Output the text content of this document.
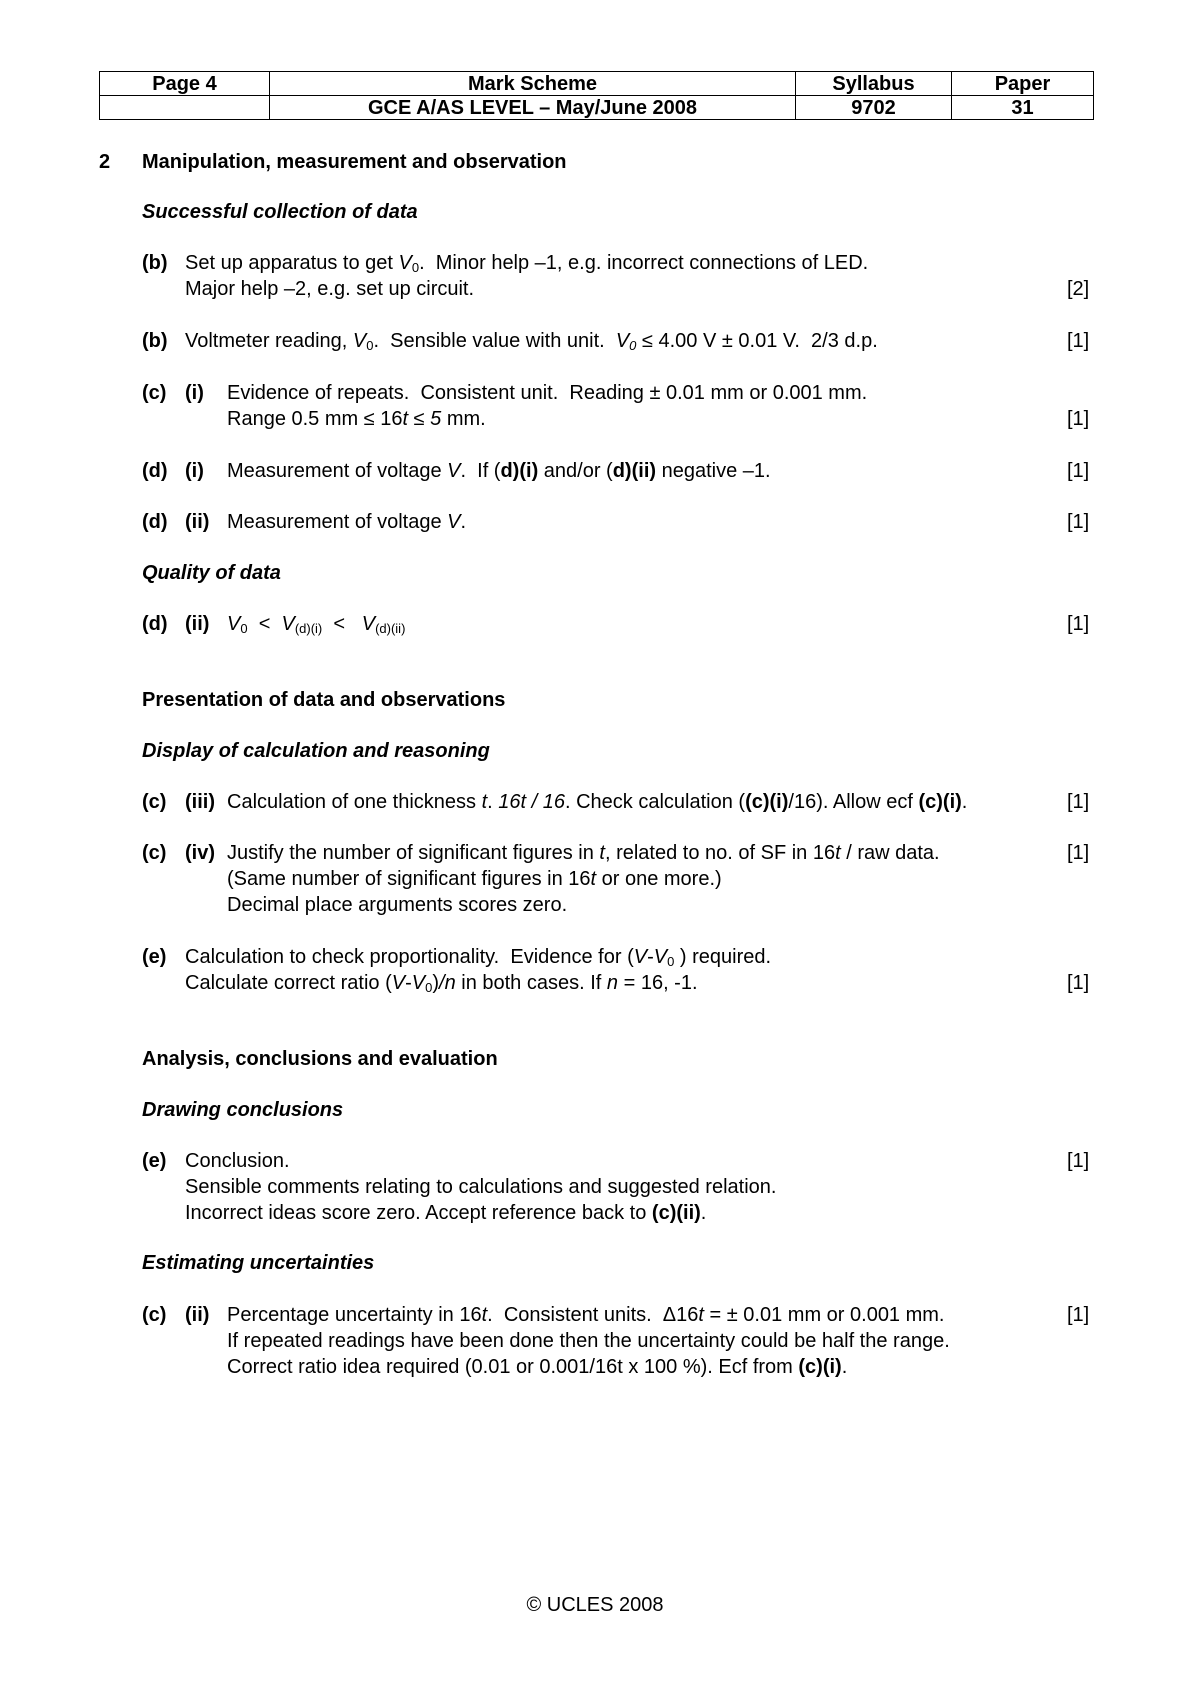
Page 4	Mark Scheme	Syllabus	Paper
	GCE A/AS LEVEL – May/June 2008	9702	31
2 Manipulation, measurement and observation
Successful collection of data
(b) Set up apparatus to get $V_0$.  Minor help –1, e.g. incorrect connections of LED.
Major help –2, e.g. set up circuit.	[2]
(b) Voltmeter reading, $V_0$.  Sensible value with unit.  $V_0 \le 4.00$ V ± 0.01 V.  2/3 d.p.	[1]
(c) (i) Evidence of repeats.  Consistent unit.  Reading ± 0.01 mm or 0.001 mm.
Range 0.5 mm ≤ 16t ≤ 5 mm.	[1]
(d) (i) Measurement of voltage V.  If (d)(i) and/or (d)(ii) negative –1.	[1]
(d) (ii) Measurement of voltage V.	[1]
Quality of data
(d) (ii) $V_0 < V_{(d)(i)} < V_{(d)(ii)}$	[1]
Presentation of data and observations
Display of calculation and reasoning
(c) (iii) Calculation of one thickness t. 16t / 16. Check calculation ((c)(i)/16). Allow ecf (c)(i).	[1]
(c) (iv) Justify the number of significant figures in t, related to no. of SF in 16t / raw data.	[1]
(Same number of significant figures in 16t or one more.)
Decimal place arguments scores zero.
(e) Calculation to check proportionality.  Evidence for ($V-V_0$ ) required.
Calculate correct ratio $(V-V_0)/n$ in both cases. If n = 16, -1.	[1]
Analysis, conclusions and evaluation
Drawing conclusions
(e) Conclusion.	[1]
Sensible comments relating to calculations and suggested relation.
Incorrect ideas score zero. Accept reference back to (c)(ii).
Estimating uncertainties
(c) (ii) Percentage uncertainty in 16t.  Consistent units.  Δ16t = ± 0.01 mm or 0.001 mm.	[1]
If repeated readings have been done then the uncertainty could be half the range.
Correct ratio idea required (0.01 or 0.001/16t x 100 %). Ecf from (c)(i).
© UCLES 2008
